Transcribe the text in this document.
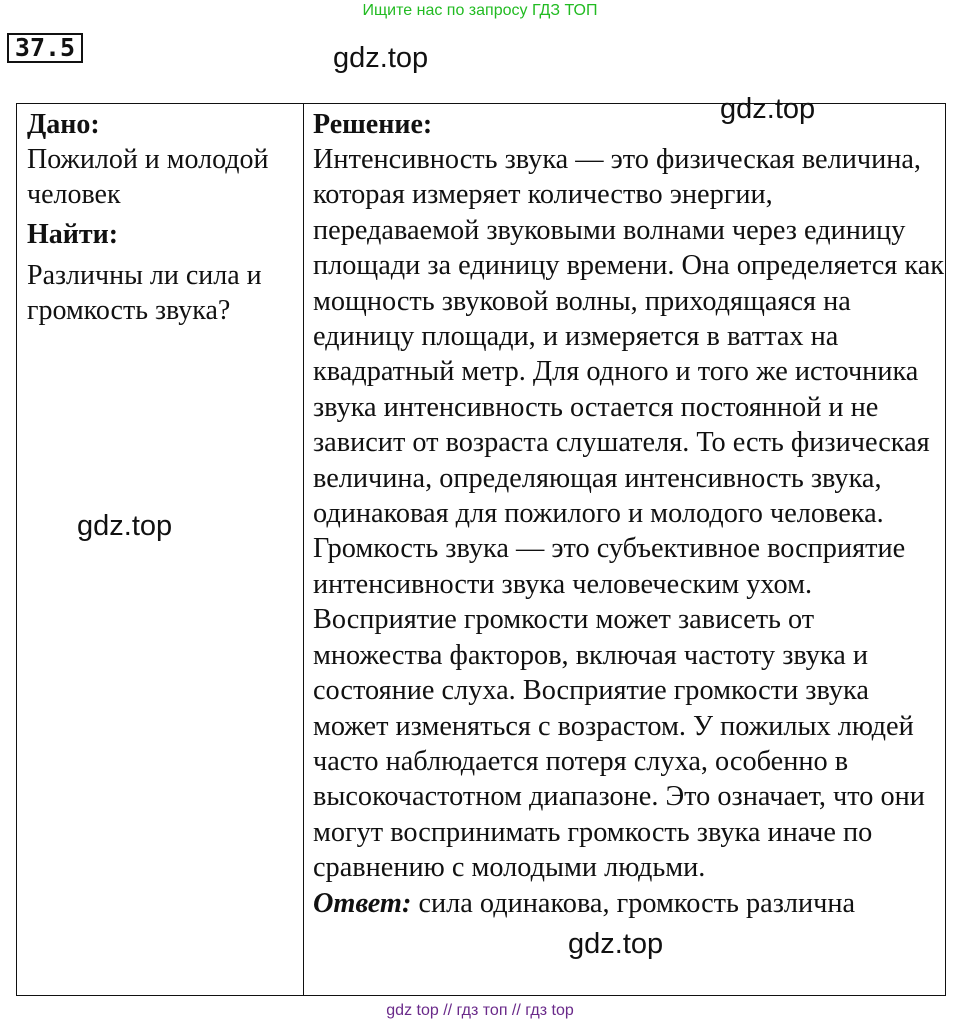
Ищите нас по запросу ГДЗ ТОП
37.5	gdz.top
gdz.top
gdz.top
Дано:
Пожилой и молодой человек
Найти:
Различны ли сила и громкость звука?

Решение:

Интенсивность звука — это физическая величина, которая измеряет количество энергии, передаваемой звуковыми волнами через единицу площади за единицу времени. Она определяется как мощность звуковой волны, приходящаяся на единицу площади, и измеряется в ваттах на квадратный метр. Для одного и того же источника звука интенсивность остается постоянной и не зависит от возраста слушателя. То есть физическая величина, определяющая интенсивность звука, одинаковая для пожилого и молодого человека. Громкость звука — это субъективное восприятие интенсивности звука человеческим ухом. Восприятие громкости может зависеть от множества факторов, включая частоту звука и состояние слуха. Восприятие громкости звука может изменяться с возрастом. У пожилых людей часто наблюдается потеря слуха, особенно в высокочастотном диапазоне. Это означает, что они могут воспринимать громкость звука иначе по сравнению с молодыми людьми.

Ответ: сила одинакова, громкость различна
gdz.top
gdz top // гдз топ // гдз top
